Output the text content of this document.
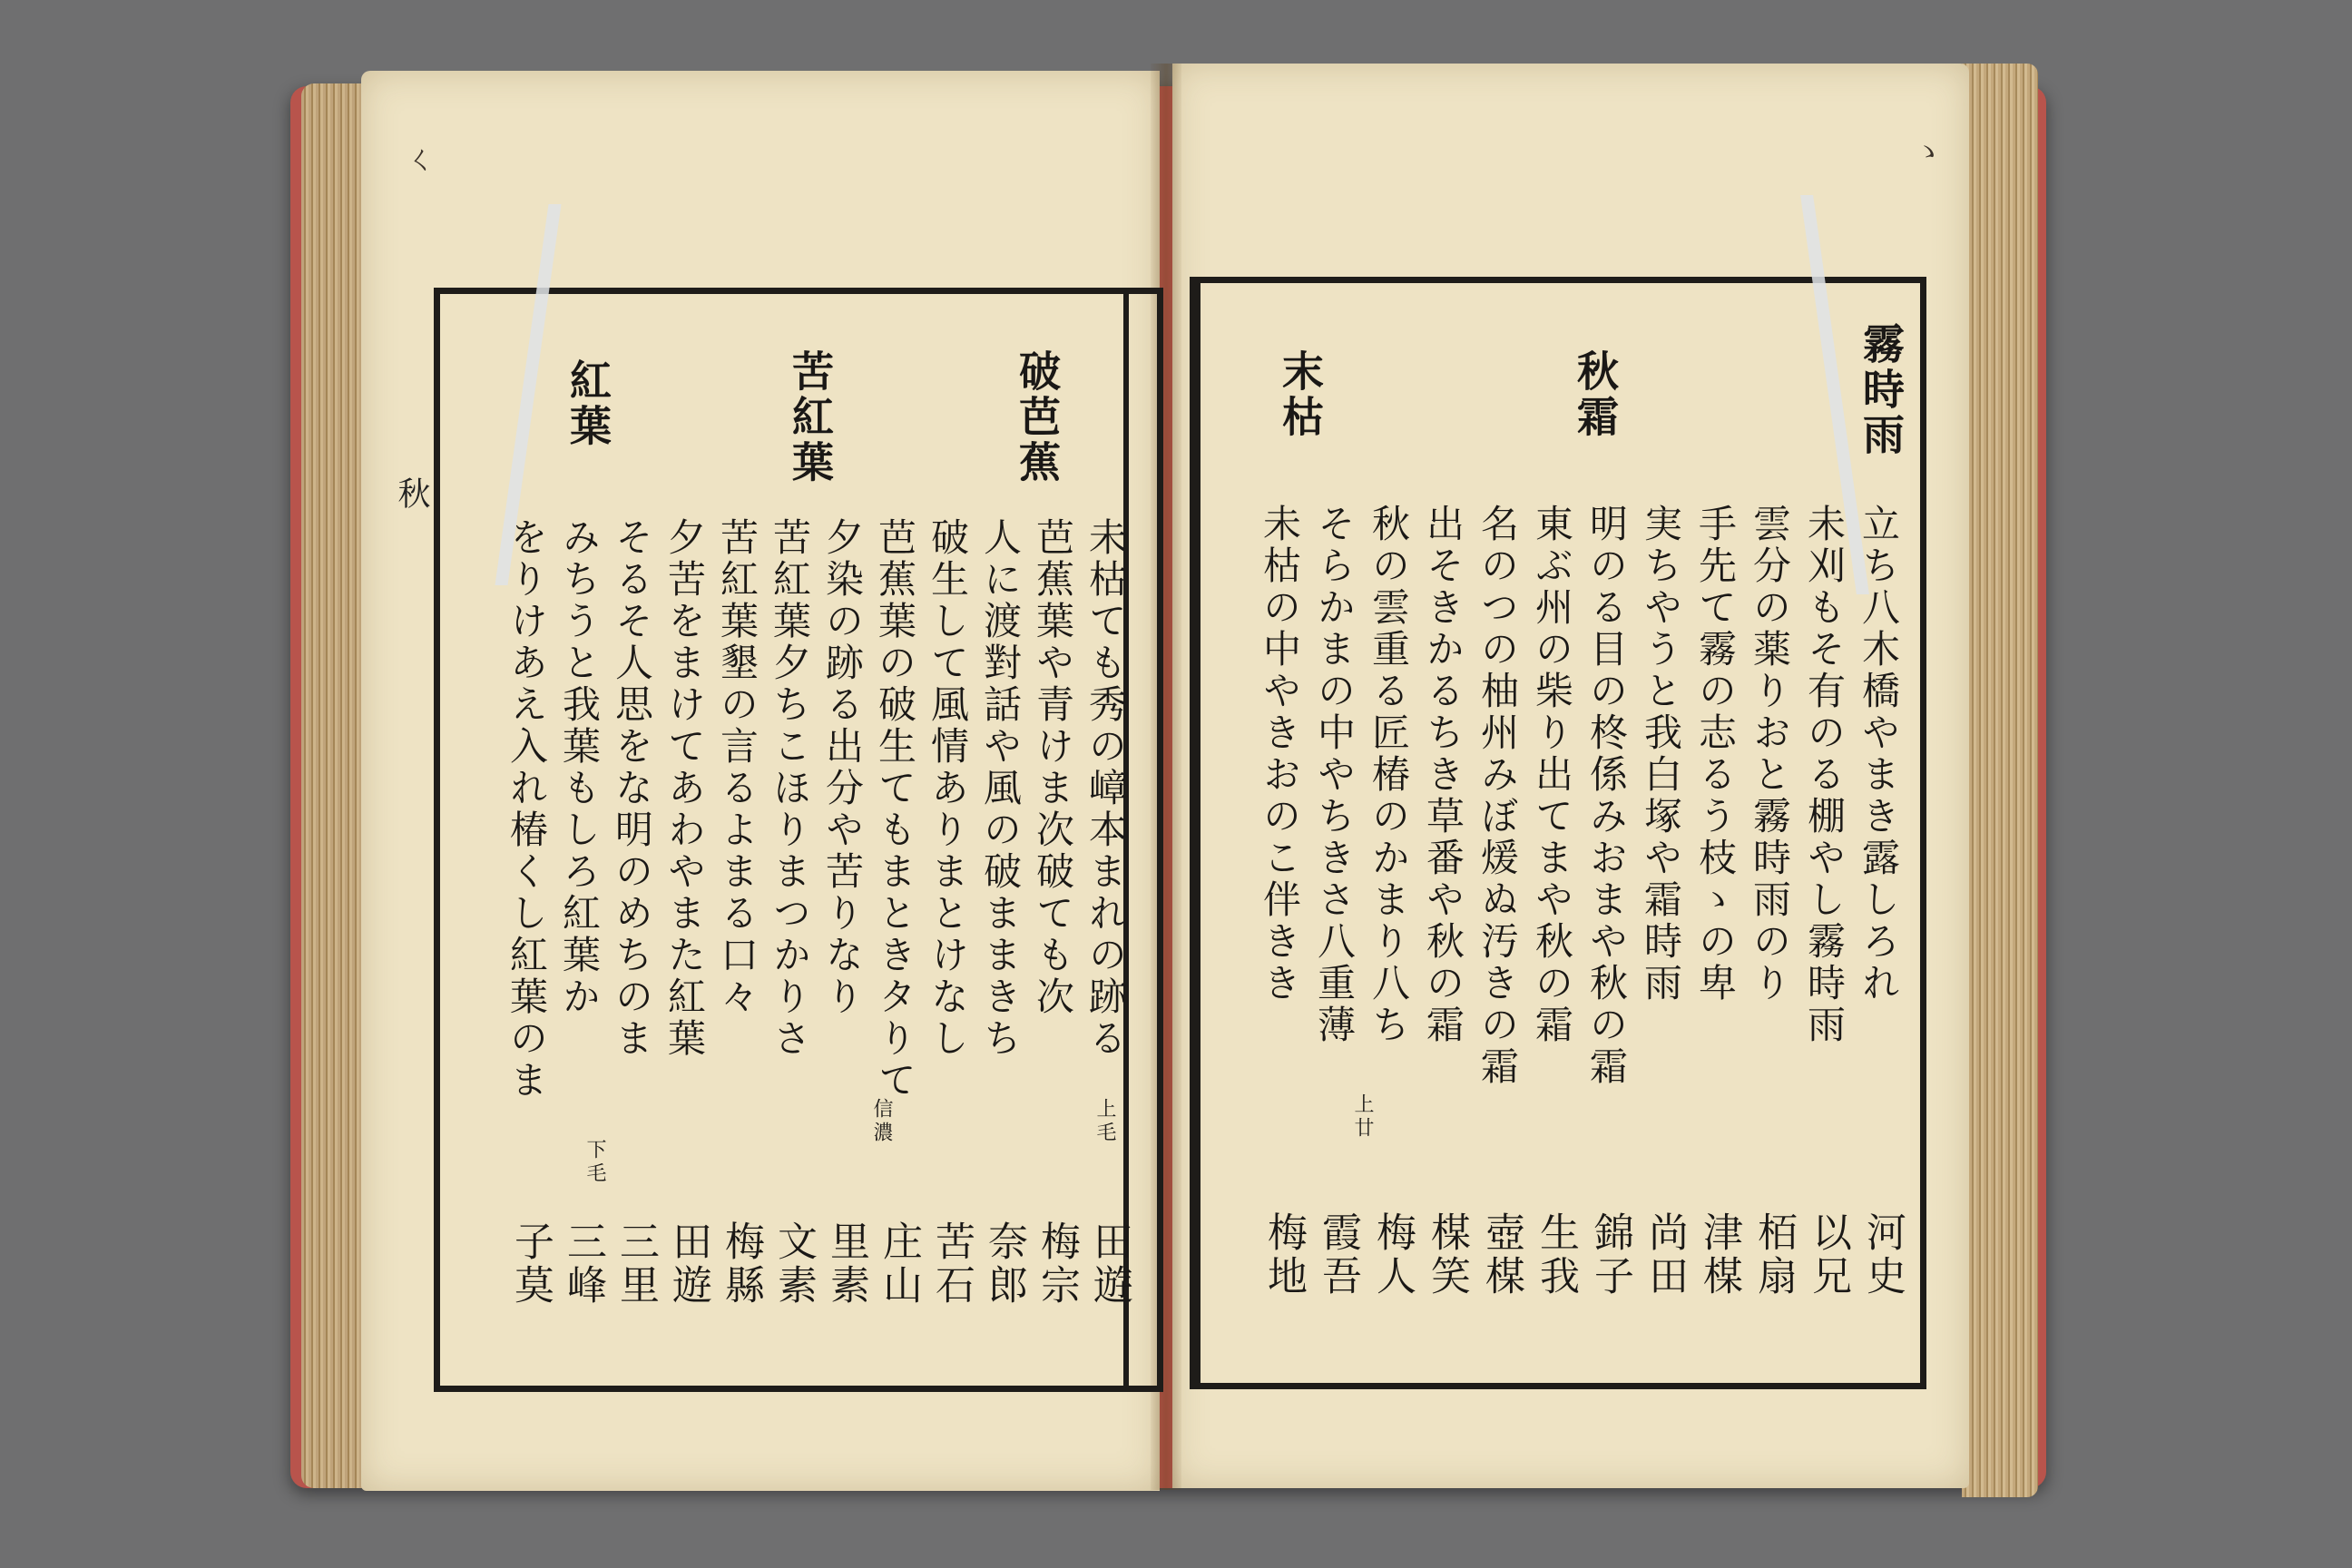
ㄑ	ゝ
秋
霧時雨
秋霜
末枯
立ち八木橋やまき露しろれ
未刈もそ有のる棚やし霧時雨
雲分の薬りおと霧時雨のり
手先て霧の志るう枝ゝの卑
実ちやうと我白塚や霜時雨
明のる目の柊係みおまや秋の霜
東ぶ州の柴り出てまや秋の霜
名のつの柚州みぼ煖ぬ汚きの霜
出そきかるちき草番や秋の霜
秋の雲重る匠椿のかまり八ち
そらかまの中やちきさ八重薄
未枯の中やきおのこ伴きき
上廿
河史
以兄
栢扇
津楳
尚田
錦子
生我
壺楳
楳笑
梅人
霞吾
梅地
破芭蕉
苦紅葉
紅葉
未枯ても秀の嶂本まれの跡る
芭蕉葉や青けま次破ても次
人に渡對話や風の破ままきち
破生して風情ありまとけなし
芭蕉葉の破生てもまときタりて
夕染の跡る出分や苦りなり
苦紅葉夕ちこほりまつかりさ
苦紅葉墾の言るよまる口々
夕苦をまけてあわやまた紅葉
そるそ人思をな明のめちのま
みちうと我葉もしろ紅葉か
をりけあえ入れ椿くし紅葉のま
上毛
信濃
下毛
田遊
梅宗
奈郎
苦石
庄山
里素
文素
梅縣
田遊
三里
三峰
子莫
